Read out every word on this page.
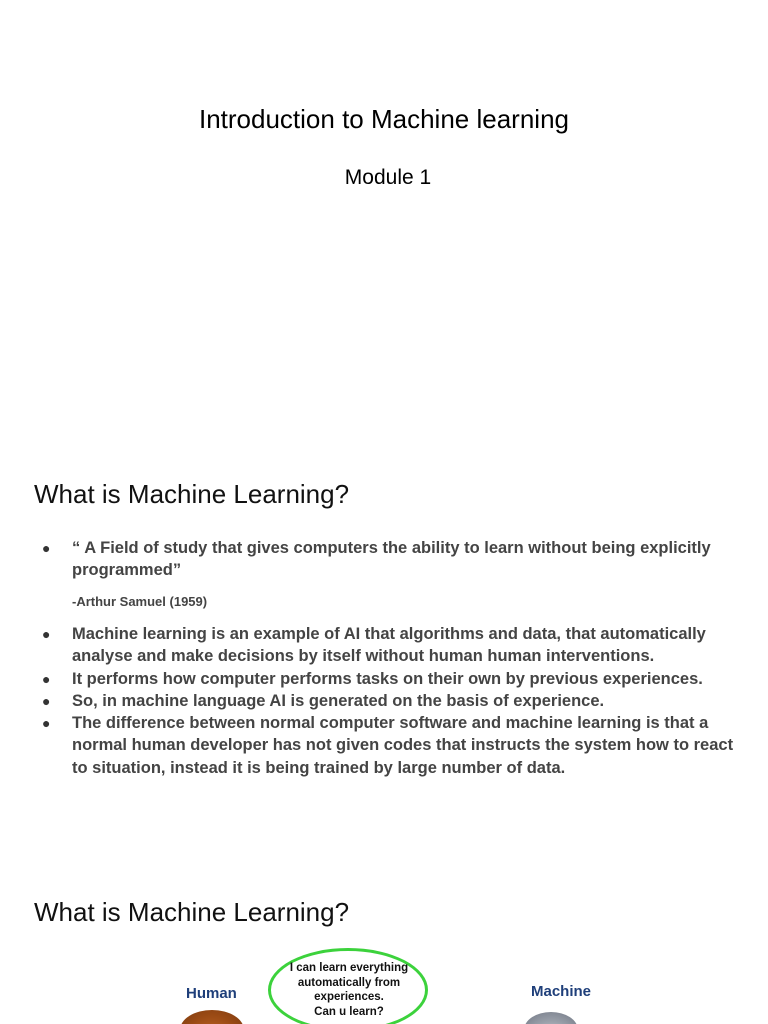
Introduction to Machine learning
Module 1
What is Machine Learning?
● “ A Field of study that gives computers the ability to learn without being explicitly programmed”
-Arthur Samuel (1959)
● Machine learning is an example of AI that algorithms and data, that automatically analyse and make decisions by itself without human human interventions.
● It performs how computer performs tasks on their own by previous experiences.
● So, in machine language AI is generated on the basis of experience.
● The difference between normal computer software and machine learning is that a normal human developer has not given codes that instructs the system how to react to situation, instead it is being trained by large number of data.
What is Machine Learning?
Human
I can learn everything
automatically from
experiences.
Can u learn?
Machine
